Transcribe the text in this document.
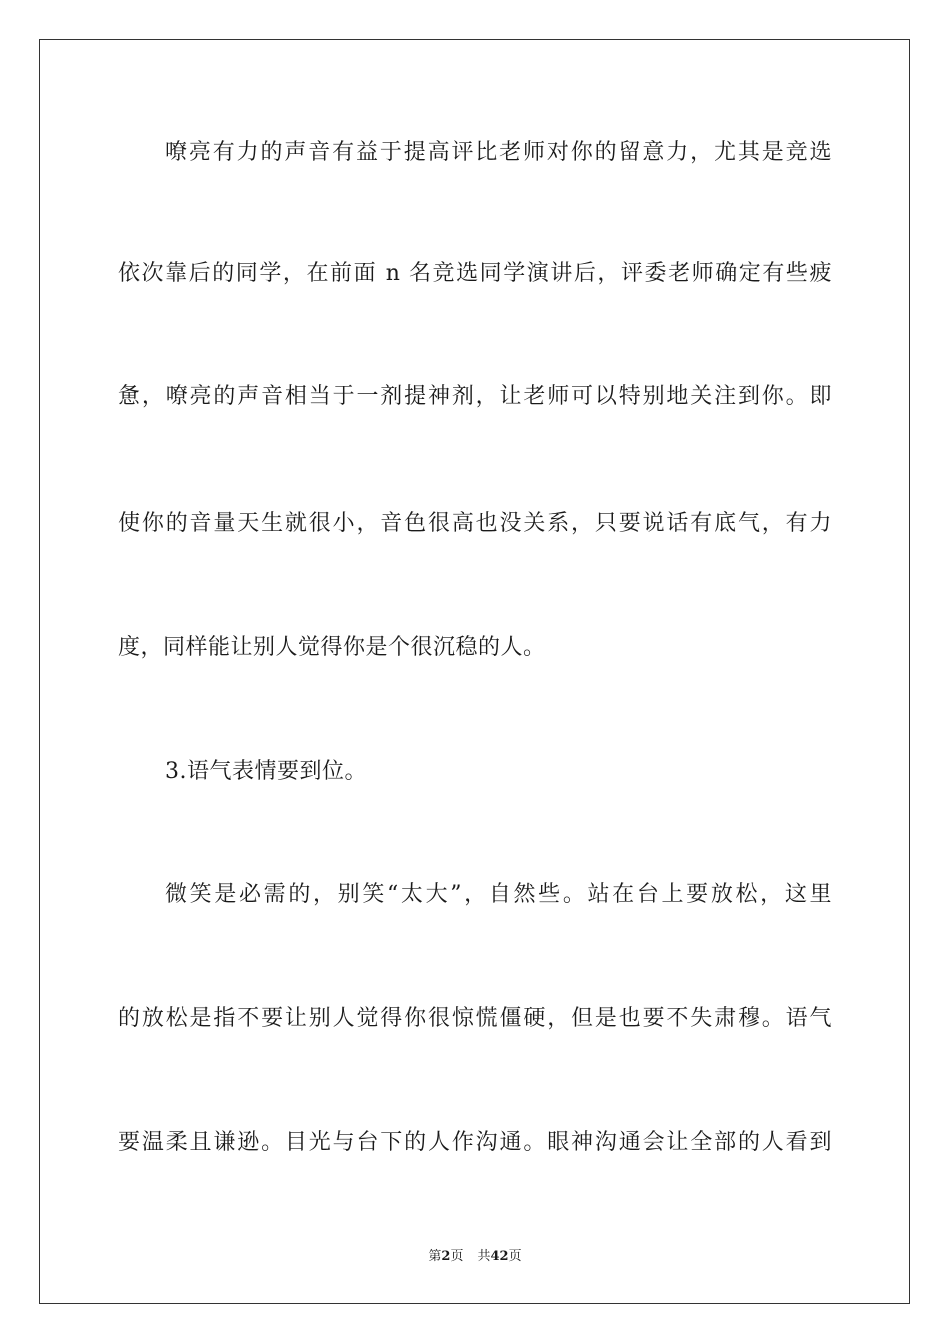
嘹亮有力的声音有益于提高评比老师对你的留意力，尤其是竞选
依次靠后的同学，在前面 n 名竞选同学演讲后，评委老师确定有些疲
惫，嘹亮的声音相当于一剂提神剂，让老师可以特别地关注到你。即
使你的音量天生就很小，音色很高也没关系，只要说话有底气，有力
度，同样能让别人觉得你是个很沉稳的人。
3.语气表情要到位。
微笑是必需的，别笑“太大”，自然些。站在台上要放松，这里
的放松是指不要让别人觉得你很惊慌僵硬，但是也要不失肃穆。语气
要温柔且谦逊。目光与台下的人作沟通。眼神沟通会让全部的人看到
第2页 共42页
